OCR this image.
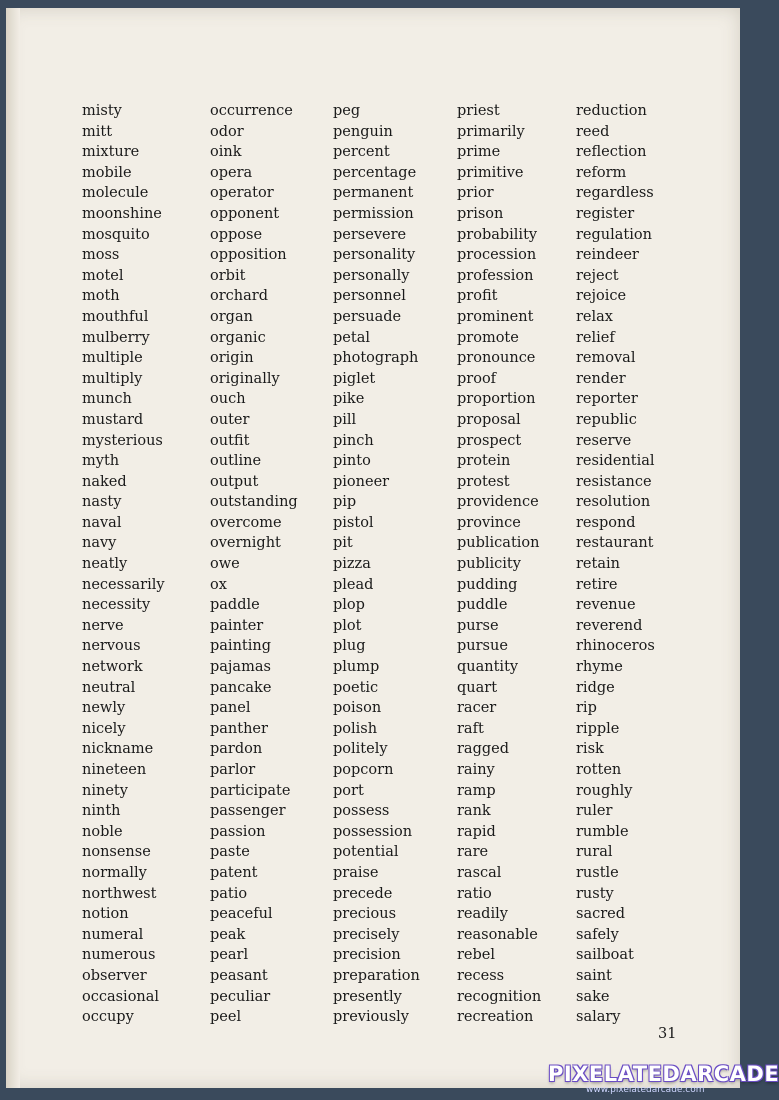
misty
mitt
mixture
mobile
molecule
moonshine
mosquito
moss
motel
moth
mouthful
mulberry
multiple
multiply
munch
mustard
mysterious
myth
naked
nasty
naval
navy
neatly
necessarily
necessity
nerve
nervous
network
neutral
newly
nicely
nickname
nineteen
ninety
ninth
noble
nonsense
normally
northwest
notion
numeral
numerous
observer
occasional
occupy
occurrence
odor
oink
opera
operator
opponent
oppose
opposition
orbit
orchard
organ
organic
origin
originally
ouch
outer
outfit
outline
output
outstanding
overcome
overnight
owe
ox
paddle
painter
painting
pajamas
pancake
panel
panther
pardon
parlor
participate
passenger
passion
paste
patent
patio
peaceful
peak
pearl
peasant
peculiar
peel
peg
penguin
percent
percentage
permanent
permission
persevere
personality
personally
personnel
persuade
petal
photograph
piglet
pike
pill
pinch
pinto
pioneer
pip
pistol
pit
pizza
plead
plop
plot
plug
plump
poetic
poison
polish
politely
popcorn
port
possess
possession
potential
praise
precede
precious
precisely
precision
preparation
presently
previously
priest
primarily
prime
primitive
prior
prison
probability
procession
profession
profit
prominent
promote
pronounce
proof
proportion
proposal
prospect
protein
protest
providence
province
publication
publicity
pudding
puddle
purse
pursue
quantity
quart
racer
raft
ragged
rainy
ramp
rank
rapid
rare
rascal
ratio
readily
reasonable
rebel
recess
recognition
recreation
reduction
reed
reflection
reform
regardless
register
regulation
reindeer
reject
rejoice
relax
relief
removal
render
reporter
republic
reserve
residential
resistance
resolution
respond
restaurant
retain
retire
revenue
reverend
rhinoceros
rhyme
ridge
rip
ripple
risk
rotten
roughly
ruler
rumble
rural
rustle
rusty
sacred
safely
sailboat
saint
sake
salary
31
PIXELATEDARCADE
www.pixelatedarcade.com
